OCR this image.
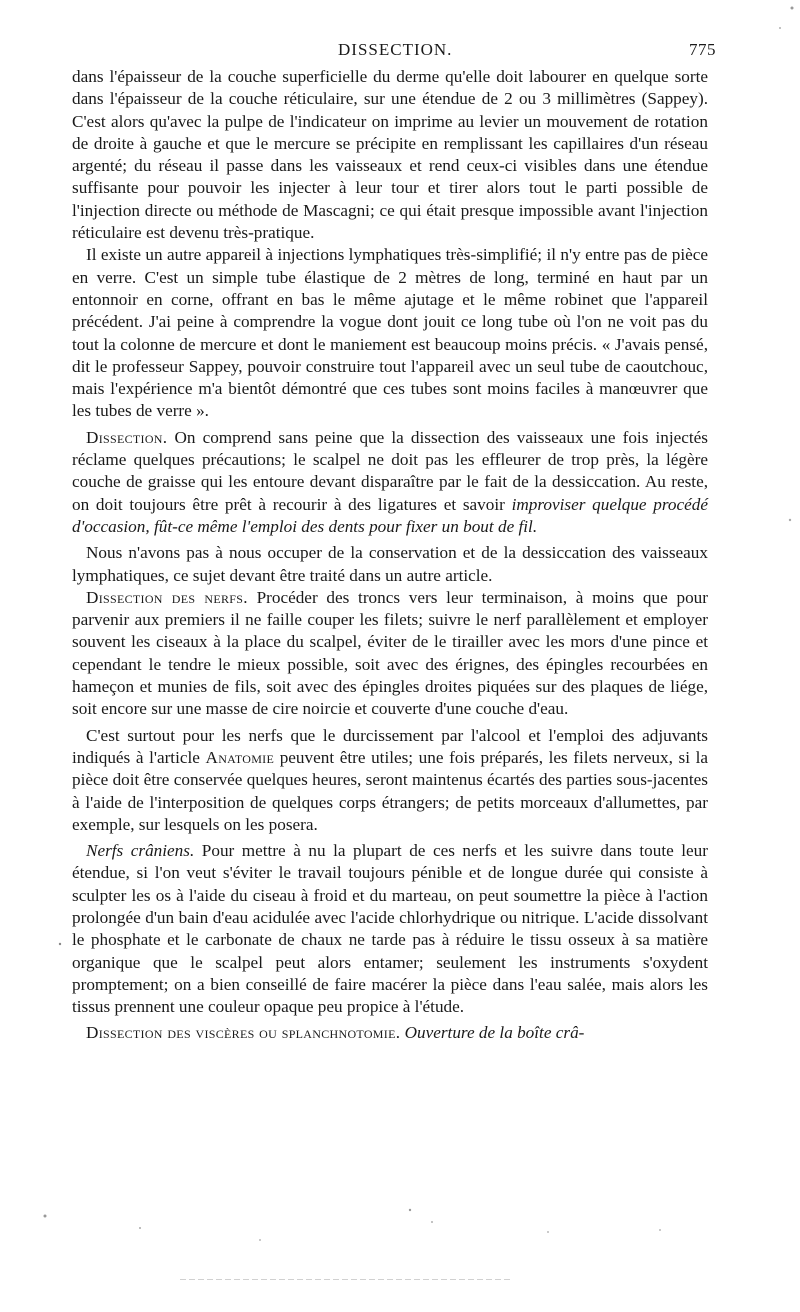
DISSECTION.	775

dans l'épaisseur de la couche superficielle du derme qu'elle doit labourer en quelque sorte dans l'épaisseur de la couche réticulaire, sur une étendue de 2 ou 3 millimètres (Sappey). C'est alors qu'avec la pulpe de l'indicateur on imprime au levier un mouvement de rotation de droite à gauche et que le mercure se précipite en remplissant les capillaires d'un réseau argenté; du réseau il passe dans les vaisseaux et rend ceux-ci visibles dans une étendue suffisante pour pouvoir les injecter à leur tour et tirer alors tout le parti possible de l'injection directe ou méthode de Mascagni; ce qui était presque impossible avant l'injection réticulaire est devenu très-pratique.

Il existe un autre appareil à injections lymphatiques très-simplifié; il n'y entre pas de pièce en verre. C'est un simple tube élastique de 2 mètres de long, terminé en haut par un entonnoir en corne, offrant en bas le même ajutage et le même robinet que l'appareil précédent. J'ai peine à comprendre la vogue dont jouit ce long tube où l'on ne voit pas du tout la colonne de mercure et dont le maniement est beaucoup moins précis. « J'avais pensé, dit le professeur Sappey, pouvoir construire tout l'appareil avec un seul tube de caoutchouc, mais l'expérience m'a bientôt démontré que ces tubes sont moins faciles à manœuvrer que les tubes de verre ».

Dissection. On comprend sans peine que la dissection des vaisseaux une fois injectés réclame quelques précautions; le scalpel ne doit pas les effleurer de trop près, la légère couche de graisse qui les entoure devant disparaître par le fait de la dessiccation. Au reste, on doit toujours être prêt à recourir à des ligatures et savoir improviser quelque procédé d'occasion, fût-ce même l'emploi des dents pour fixer un bout de fil.

Nous n'avons pas à nous occuper de la conservation et de la dessiccation des vaisseaux lymphatiques, ce sujet devant être traité dans un autre article.

Dissection des nerfs. Procéder des troncs vers leur terminaison, à moins que pour parvenir aux premiers il ne faille couper les filets; suivre le nerf parallèlement et employer souvent les ciseaux à la place du scalpel, éviter de le tirailler avec les mors d'une pince et cependant le tendre le mieux possible, soit avec des érignes, des épingles recourbées en hameçon et munies de fils, soit avec des épingles droites piquées sur des plaques de liége, soit encore sur une masse de cire noircie et couverte d'une couche d'eau.

C'est surtout pour les nerfs que le durcissement par l'alcool et l'emploi des adjuvants indiqués à l'article Anatomie peuvent être utiles; une fois préparés, les filets nerveux, si la pièce doit être conservée quelques heures, seront maintenus écartés des parties sous-jacentes à l'aide de l'interposition de quelques corps étrangers; de petits morceaux d'allumettes, par exemple, sur lesquels on les posera.

Nerfs crâniens. Pour mettre à nu la plupart de ces nerfs et les suivre dans toute leur étendue, si l'on veut s'éviter le travail toujours pénible et de longue durée qui consiste à sculpter les os à l'aide du ciseau à froid et du marteau, on peut soumettre la pièce à l'action prolongée d'un bain d'eau acidulée avec l'acide chlorhydrique ou nitrique. L'acide dissolvant le phosphate et le carbonate de chaux ne tarde pas à réduire le tissu osseux à sa matière organique que le scalpel peut alors entamer; seulement les instruments s'oxydent promptement; on a bien conseillé de faire macérer la pièce dans l'eau salée, mais alors les tissus prennent une couleur opaque peu propice à l'étude.

Dissection des viscères ou splanchnotomie. Ouverture de la boîte crâ-
